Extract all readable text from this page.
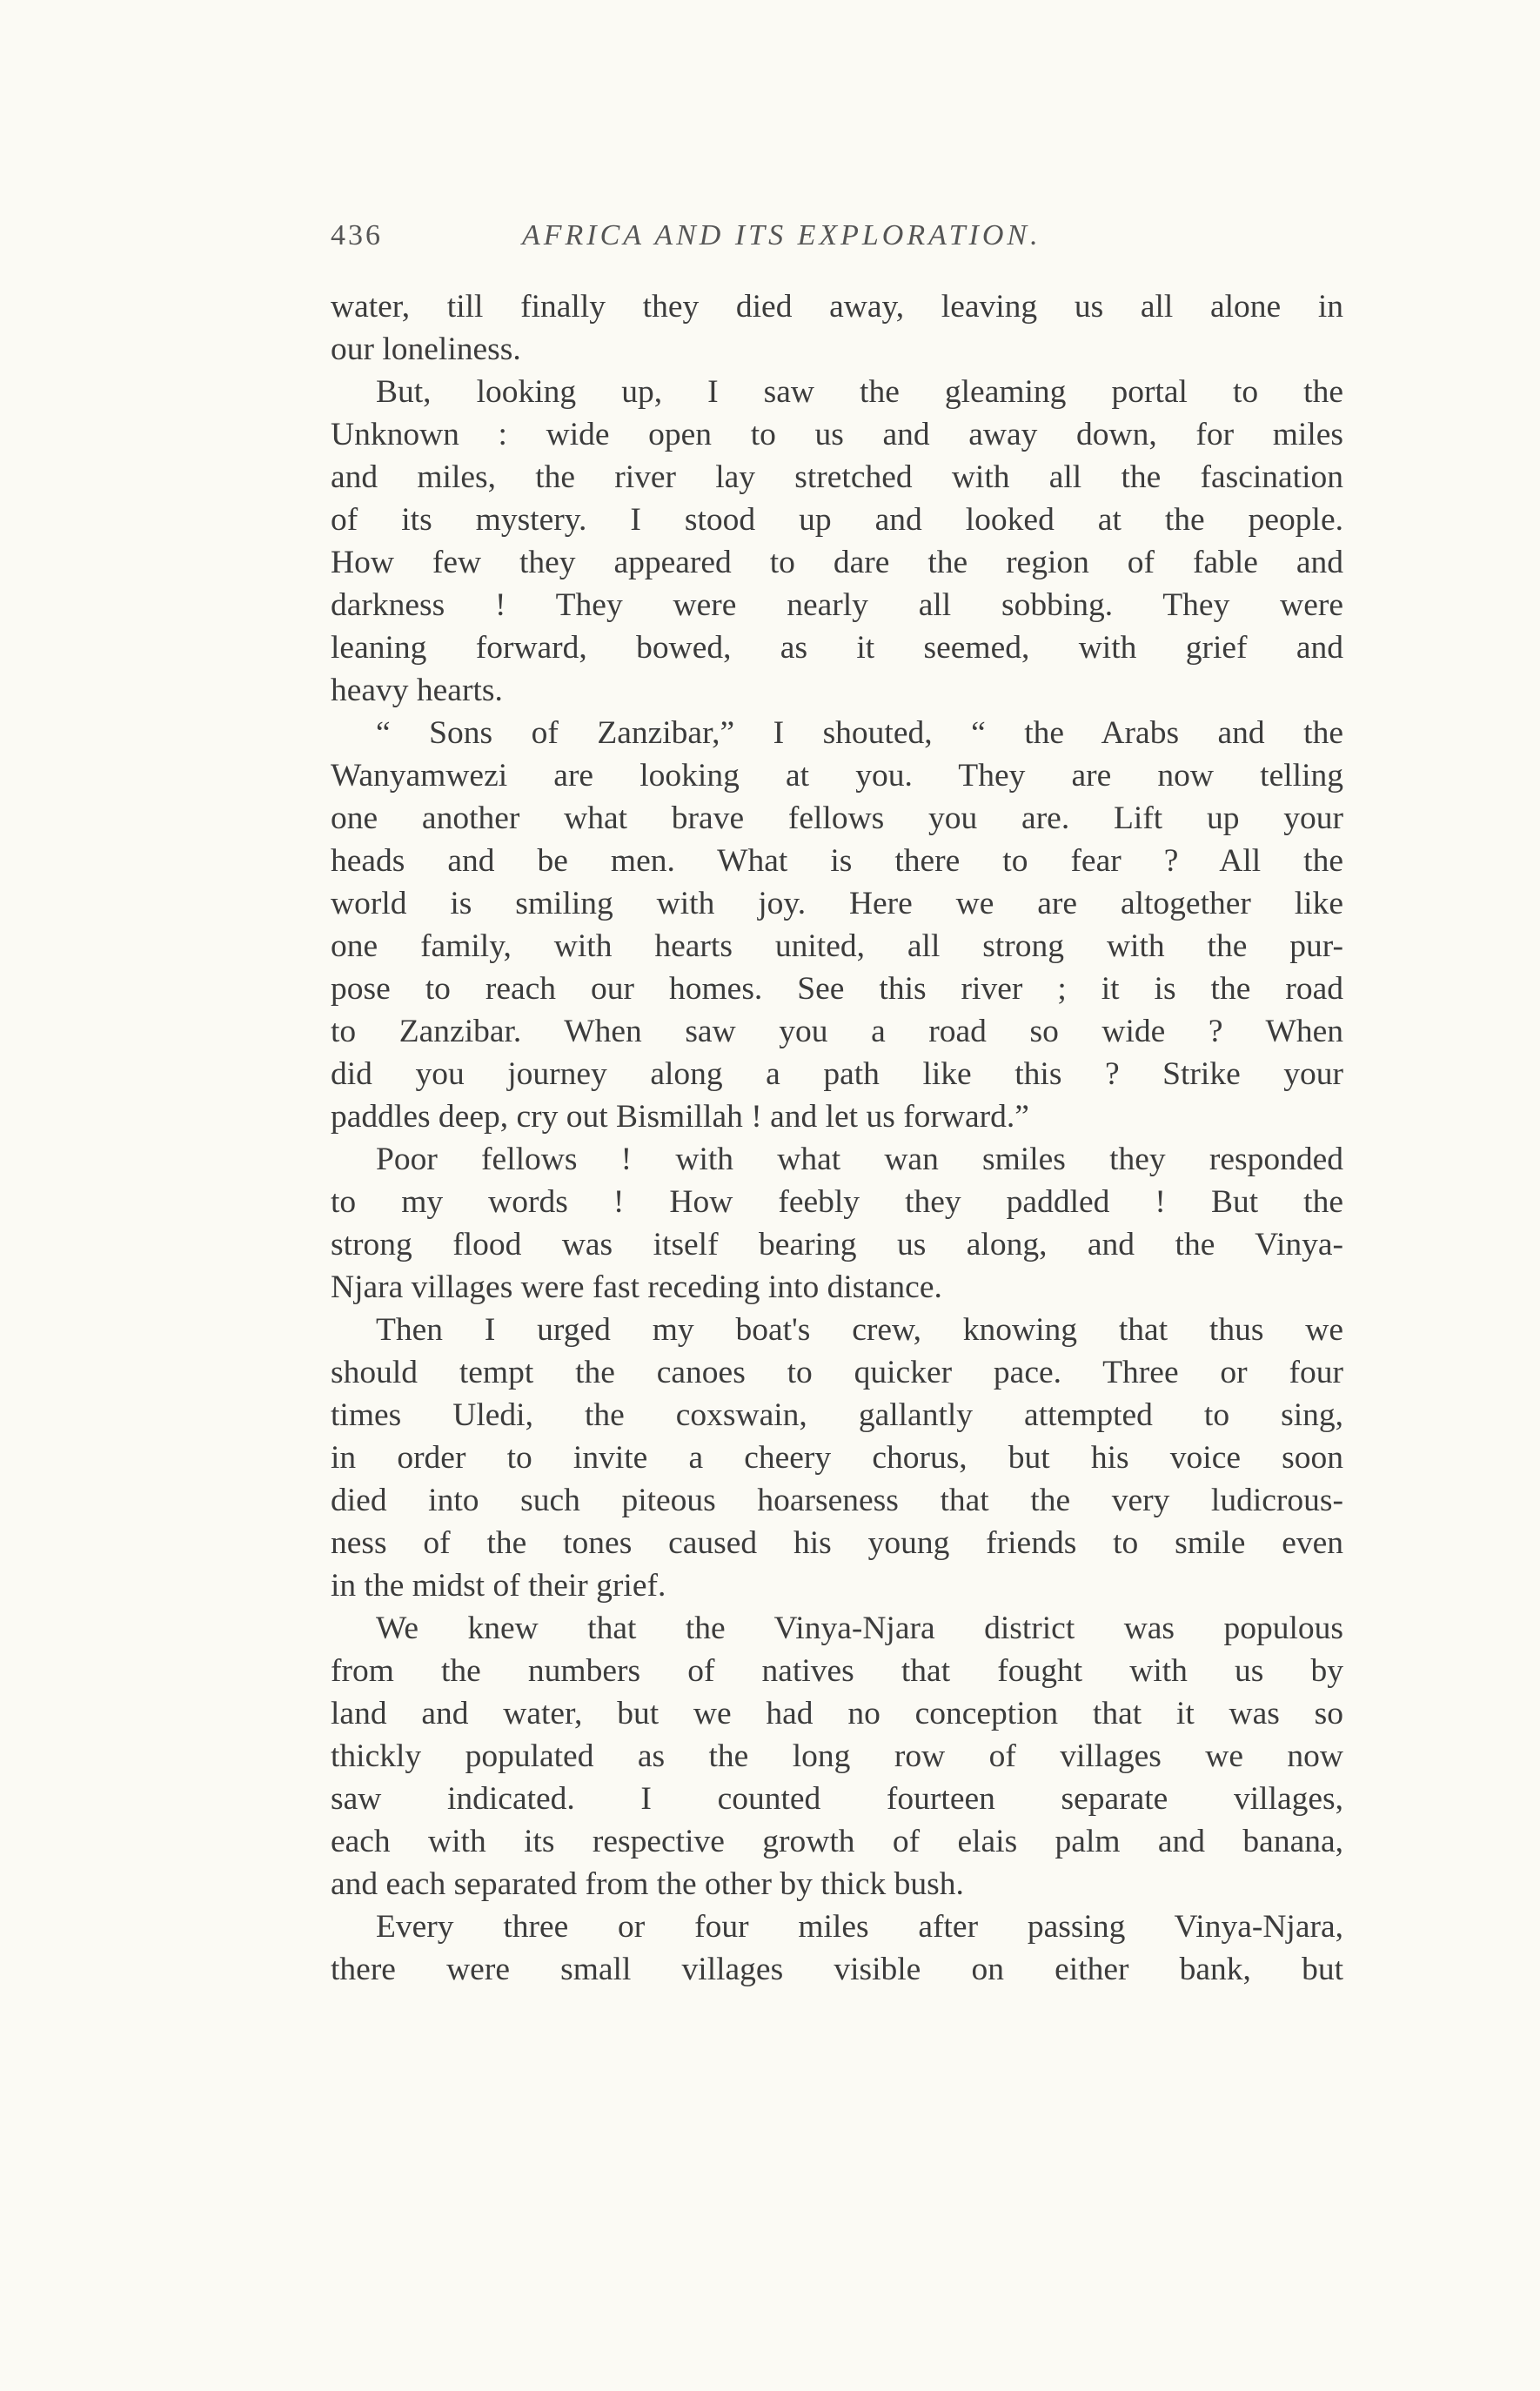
436	AFRICA AND ITS EXPLORATION.
water, till finally they died away, leaving us all alone in
our loneliness.
But, looking up, I saw the gleaming portal to the
Unknown : wide open to us and away down, for miles
and miles, the river lay stretched with all the fascination
of its mystery. I stood up and looked at the people.
How few they appeared to dare the region of fable and
darkness ! They were nearly all sobbing. They were
leaning forward, bowed, as it seemed, with grief and
heavy hearts.
“ Sons of Zanzibar,” I shouted, “ the Arabs and the
Wanyamwezi are looking at you. They are now telling
one another what brave fellows you are. Lift up your
heads and be men. What is there to fear ? All the
world is smiling with joy. Here we are altogether like
one family, with hearts united, all strong with the pur-
pose to reach our homes. See this river ; it is the road
to Zanzibar. When saw you a road so wide ? When
did you journey along a path like this ? Strike your
paddles deep, cry out Bismillah ! and let us forward.”
Poor fellows ! with what wan smiles they responded
to my words ! How feebly they paddled ! But the
strong flood was itself bearing us along, and the Vinya-
Njara villages were fast receding into distance.
Then I urged my boat's crew, knowing that thus we
should tempt the canoes to quicker pace. Three or four
times Uledi, the coxswain, gallantly attempted to sing,
in order to invite a cheery chorus, but his voice soon
died into such piteous hoarseness that the very ludicrous-
ness of the tones caused his young friends to smile even
in the midst of their grief.
We knew that the Vinya-Njara district was populous
from the numbers of natives that fought with us by
land and water, but we had no conception that it was so
thickly populated as the long row of villages we now
saw indicated. I counted fourteen separate villages,
each with its respective growth of elais palm and banana,
and each separated from the other by thick bush.
Every three or four miles after passing Vinya-Njara,
there were small villages visible on either bank, but
